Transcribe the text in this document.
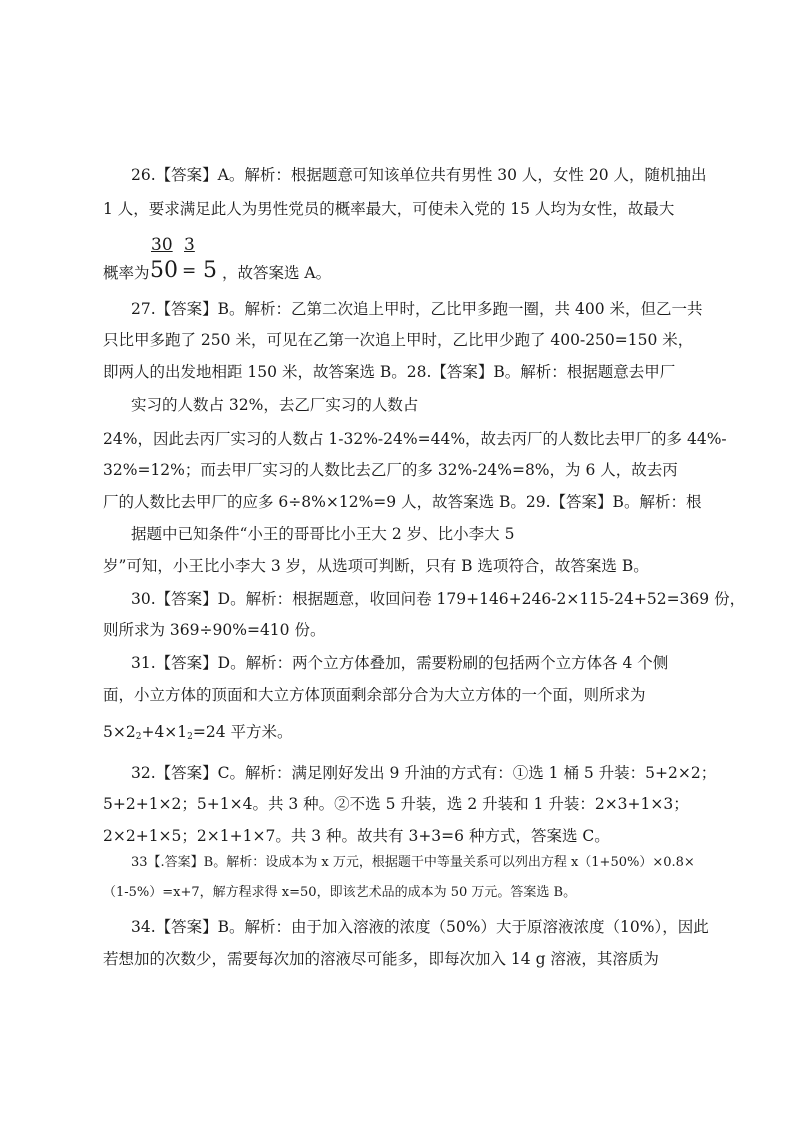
26.【答案】A。解析：根据题意可知该单位共有男性 30 人，女性 20 人，随机抽出
1 人，要求满足此人为男性党员的概率最大，可使未入党的 15 人均为女性，故最大
30 3
概率为 50 = 5 ，故答案选 A。
27.【答案】B。解析：乙第二次追上甲时，乙比甲多跑一圈，共 400 米，但乙一共
只比甲多跑了 250 米，可见在乙第一次追上甲时，乙比甲少跑了 400-250=150 米，
即两人的出发地相距 150 米，故答案选 B。28.【答案】B。解析：根据题意去甲厂
实习的人数占 32%，去乙厂实习的人数占
24%，因此去丙厂实习的人数占 1-32%-24%=44%，故去丙厂的人数比去甲厂的多 44%-
32%=12%；而去甲厂实习的人数比去乙厂的多 32%-24%=8%，为 6 人，故去丙
厂的人数比去甲厂的应多 6÷8%×12%=9 人，故答案选 B。29.【答案】B。解析：根
据题中已知条件“小王的哥哥比小王大 2 岁、比小李大 5
岁”可知，小王比小李大 3 岁，从选项可判断，只有 B 选项符合，故答案选 B。
30.【答案】D。解析：根据题意，收回问卷 179+146+246-2×115-24+52=369 份，
则所求为 369÷90%=410 份。
31.【答案】D。解析：两个立方体叠加，需要粉刷的包括两个立方体各 4 个侧
面，小立方体的顶面和大立方体顶面剩余部分合为大立方体的一个面，则所求为
$5\times 2_2+4\times 1_2=24$ 平方米。
32.【答案】C。解析：满足刚好发出 9 升油的方式有：①选 1 桶 5 升装：5+2×2；
5+2+1×2；5+1×4。共 3 种。②不选 5 升装，选 2 升装和 1 升装：2×3+1×3；
2×2+1×5；2×1+1×7。共 3 种。故共有 3+3=6 种方式，答案选 C。
33【.答案】B。解析：设成本为 x 万元，根据题干中等量关系可以列出方程 x（1+50%）×0.8×
（1-5%）=x+7，解方程求得 x=50，即该艺术品的成本为 50 万元。答案选 B。
34.【答案】B。解析：由于加入溶液的浓度（50%）大于原溶液浓度（10%），因此
若想加的次数少，需要每次加的溶液尽可能多，即每次加入 14 g 溶液，其溶质为
